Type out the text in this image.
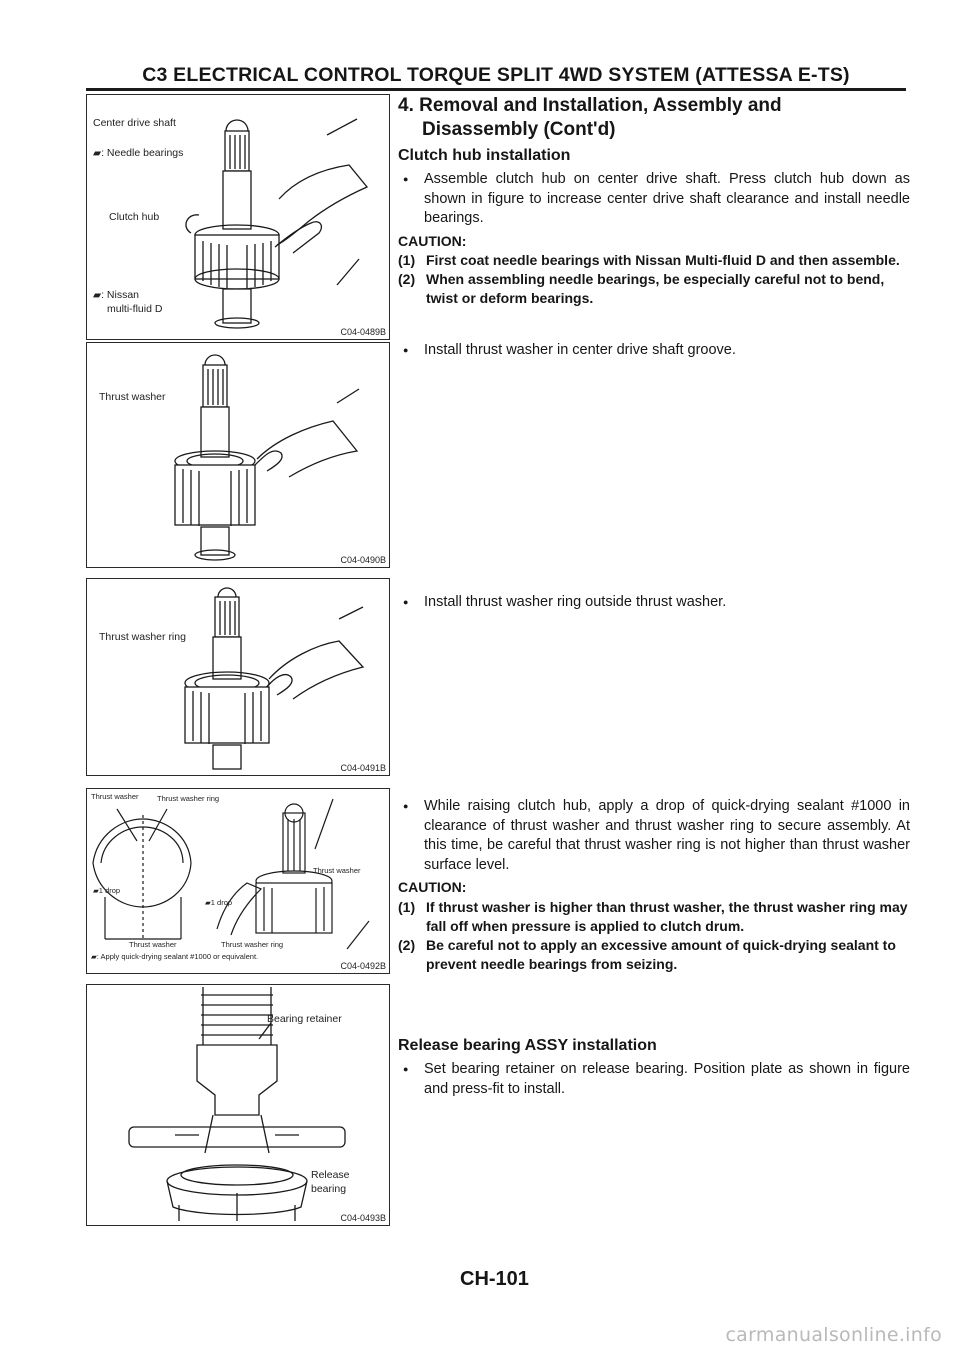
C3 ELECTRICAL CONTROL TORQUE SPLIT 4WD SYSTEM (ATTESSA E-TS)
Center drive shaft
▰: Needle bearings
Clutch hub
▰: Nissan
multi-fluid D
C04-0489B
Thrust washer
C04-0490B
Thrust washer ring
C04-0491B
Thrust washer Thrust washer ring
▰1 drop
▰1 drop
Thrust washer
Thrust washer	Thrust washer ring
▰: Apply quick-drying sealant #1000 or equivalent.
C04-0492B
Bearing retainer
Release
bearing
C04-0493B
4. Removal and Installation, Assembly and
Disassembly (Cont'd)
Clutch hub installation
● Assemble clutch hub on center drive shaft. Press clutch hub down as shown in figure to increase center drive shaft clearance and install needle bearings.
CAUTION:
(1) First coat needle bearings with Nissan Multi-fluid D and then assemble.
(2) When assembling needle bearings, be especially careful not to bend, twist or deform bearings.
● Install thrust washer in center drive shaft groove.
● Install thrust washer ring outside thrust washer.
● While raising clutch hub, apply a drop of quick-drying sealant #1000 in clearance of thrust washer and thrust washer ring to secure assembly. At this time, be careful that thrust washer ring is not higher than thrust washer surface level.
CAUTION:
(1) If thrust washer is higher than thrust washer, the thrust washer ring may fall off when pressure is applied to clutch drum.
(2) Be careful not to apply an excessive amount of quick-drying sealant to prevent needle bearings from seizing.
Release bearing ASSY installation
● Set bearing retainer on release bearing. Position plate as shown in figure and press-fit to install.
CH-101
carmanualsonline.info
